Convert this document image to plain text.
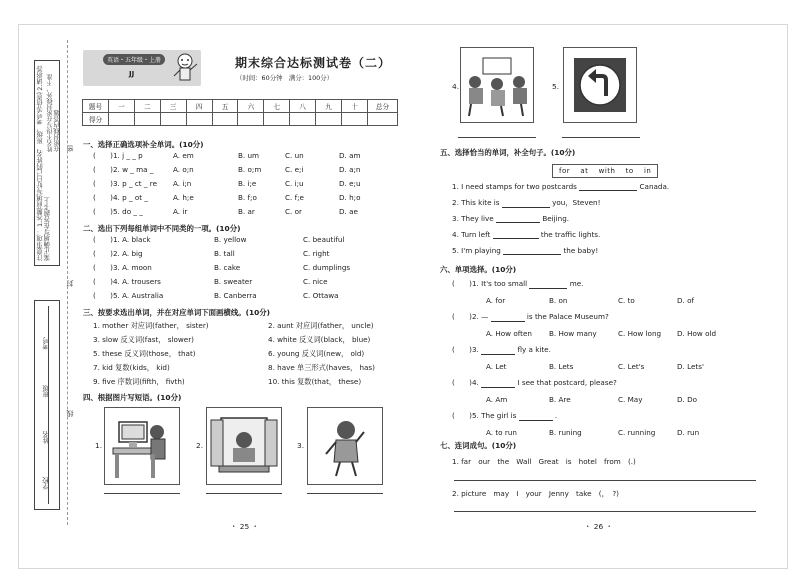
注意事项： 1.答题前填写好自己的姓名、班级、考号等信息 2.请将答案正确填写在答题卡上
姓名不得写在密封线外，不准在密封线内答题
学校
姓名
班级
考号
密
封
线
英语・五年级・上册
JJ
期末综合达标测试卷（二）
（时间：60分钟　满分：100分）
题号	一	二	三	四	五	六	七	八	九	十	总分
得分											
一、选择正确选项补全单词。(10分)
(　　)1. j _ _ p	A. em	B. um	C. un	D. am
(　　)2. w _ ma _	A. o;n	B. o;m	C. e;i	D. a;n
(　　)3. p _ ct _ re A. i;n	B. i;e	C. i;u	D. e;u
(　　)4. p _ ot _	A. h;e	B. f;o	C. f;e	D. h;o
(　　)5. do _ _	A. ir	B. ar	C. or	D. ae
二、选出下列每组单词中不同类的一项。(10分)
(　　)1. A. black	B. yellow	C. beautiful
(　　)2. A. big	B. tall	C. right
(　　)3. A. moon	B. cake	C. dumplings
(　　)4. A. trousers	B. sweater	C. nice
(　　)5. A. Australia	B. Canberra	C. Ottawa
三、按要求选出单词，并在对应单词下面画横线。(10分)
1. mother 对应词(father， sister)	2. aunt 对应词(father， uncle)
3. slow 反义词(fast， slower)	4. white 反义词(black， blue)
5. these 反义词(those， that)	6. young 反义词(new， old)
7. kid 复数(kids， kid)	8. have 单三形式(haves， has)
9. five 序数词(fifth， fivth)	10. this 复数(that， these)
四、根据图片写短语。(10分)
1.	2.	3.
・ 25 ・
4.	5.
五、选择恰当的单词，补全句子。(10分)
for　 at　 with　 to　 in
1. I need stamps for two postcards	Canada.
2. This kite is	you，Steven!
3. They live	Beijing.
4. Turn left	the traffic lights.
5. I'm playing	the baby!
六、单项选择。(10分)
(　　)1. It's too small	me.
A. for	B. on	C. to	D. of
(　　)2. —	is the Palace Museum?
A. How often B. How many	C. How long D. How old
(　　)3.	fly a kite.
A. Let	B. Lets	C. Let's	D. Lets'
(　　)4.	I see that postcard, please?
A. Am	B. Are	C. May	D. Do
(　　)5. The girl is	.
A. to run	B. runing	C. running	D. run
七、连词成句。(10分)
1. far　our　the　Wall　Great　is　hotel　from　(.)
2. picture　may　I　your　Jenny　take　(，　?)
・ 26 ・
